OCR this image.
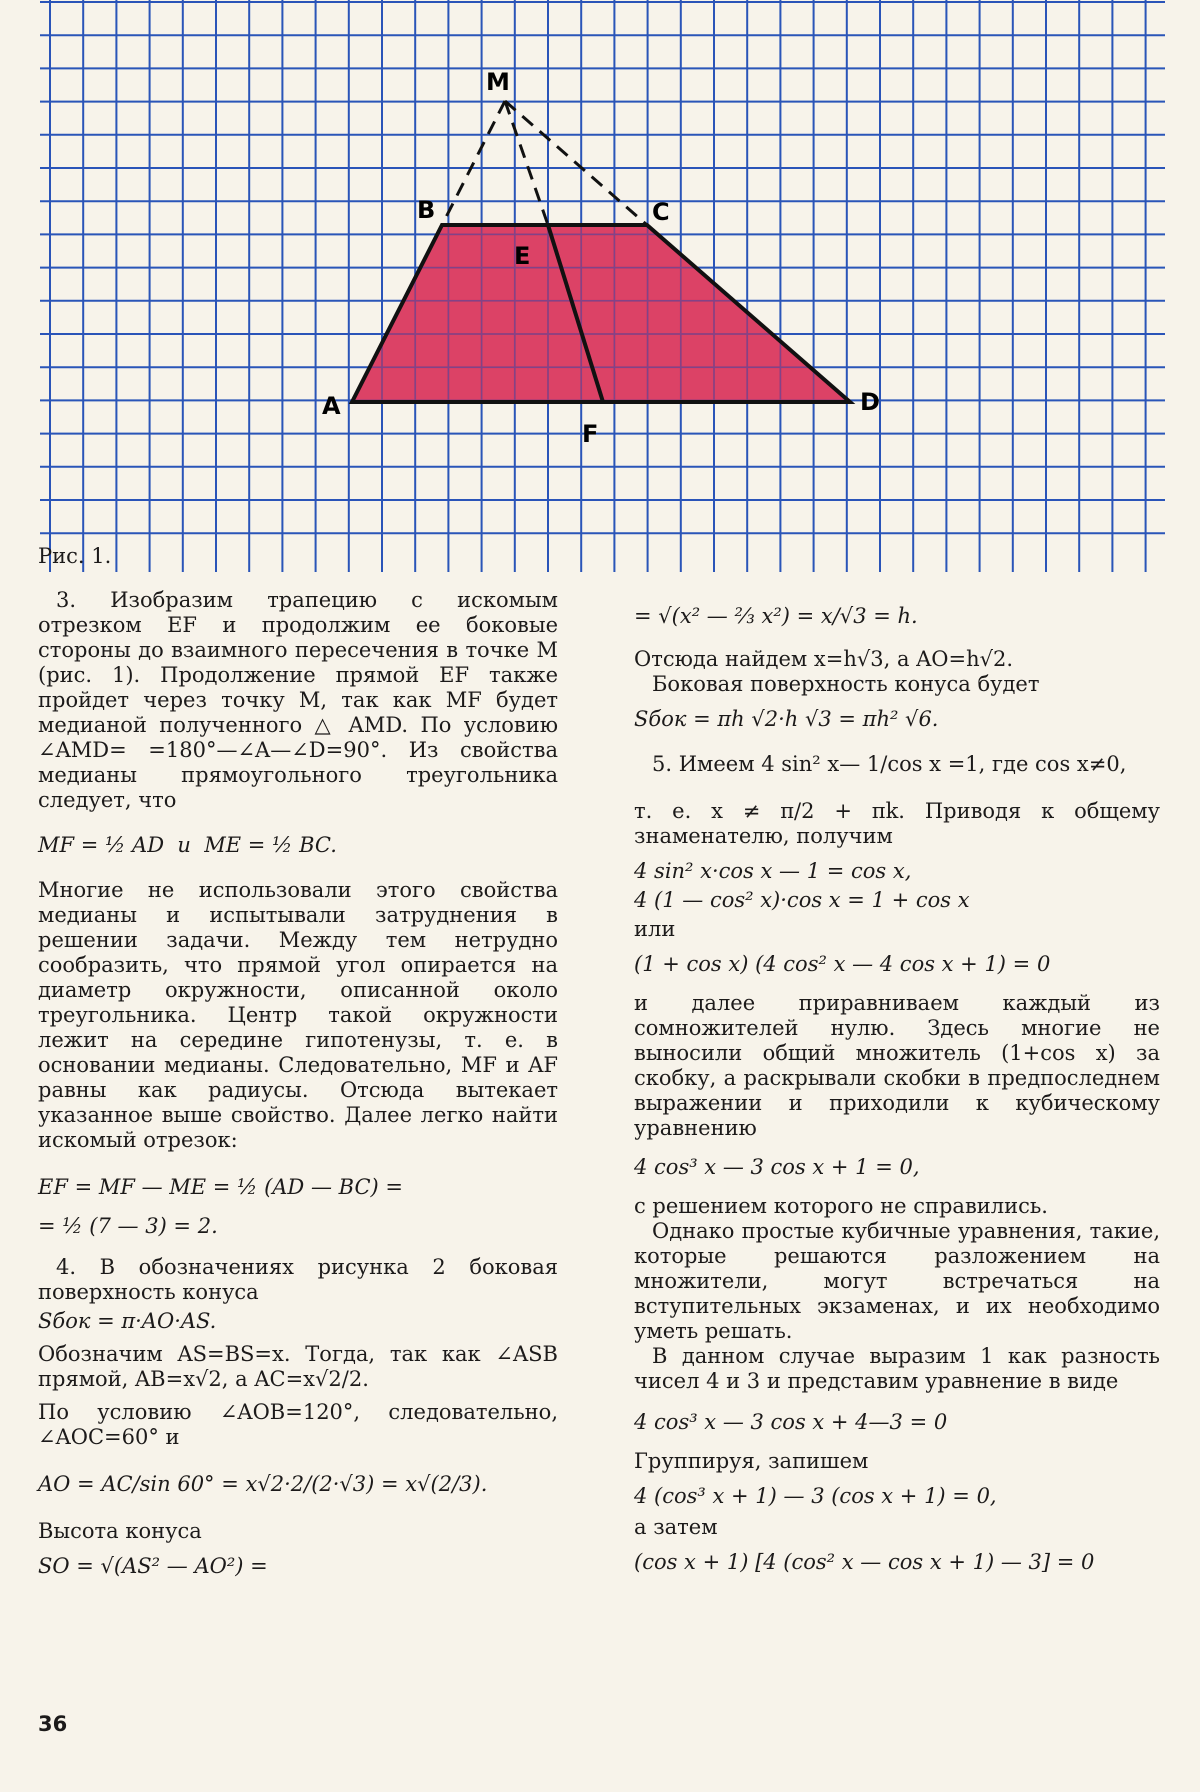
M
B	C
E
A	D
F
Рис. 1.

3. Изобразим трапецию с искомым отрезком EF и продолжим ее боковые стороны до взаимного пересечения в точке M (рис. 1). Продолжение прямой EF также пройдет через точку M, так как MF будет медианой полученного △ AMD. По условию ∠AMD= =180°—∠A—∠D=90°. Из свойства медианы прямоугольного треугольника следует, что

MF = ½ AD  и  ME = ½ BC.

Многие не использовали этого свойства медианы и испытывали затруднения в решении задачи. Между тем нетрудно сообразить, что прямой угол опирается на диаметр окружности, описанной около треугольника. Центр такой окружности лежит на середине гипотенузы, т. е. в основании медианы. Следовательно, MF и AF равны как радиусы. Отсюда вытекает указанное выше свойство. Далее легко найти искомый отрезок:

EF = MF — ME = ½ (AD — BC) =

= ½ (7 — 3) = 2.

4. В обозначениях рисунка 2 боковая поверхность конуса

Sбок = π·AO·AS.

Обозначим AS=BS=x. Тогда, так как ∠ASB прямой, AB=x√2, а AC=x√2/2.

По условию ∠AOB=120°, следовательно, ∠AOC=60° и

AO = AC/sin 60° = x√2·2/(2·√3) = x√(2/3).

Высота конуса

SO = √(AS² — AO²) =

= √(x² — ⅔ x²) = x/√3 = h.

Отсюда найдем x=h√3, а AO=h√2.

Боковая поверхность конуса будет

Sбок = πh √2·h √3 = πh² √6.

5. Имеем 4 sin² x— 1/cos x =1, где cos x≠0,

т. е. x ≠ π/2 + πk. Приводя к общему знаменателю, получим

4 sin² x·cos x — 1 = cos x,

4 (1 — cos² x)·cos x = 1 + cos x

или

(1 + cos x) (4 cos² x — 4 cos x + 1) = 0

и далее приравниваем каждый из сомножителей нулю. Здесь многие не выносили общий множитель (1+cos x) за скобку, а раскрывали скобки в предпоследнем выражении и приходили к кубическому уравнению

4 cos³ x — 3 cos x + 1 = 0,

с решением которого не справились.

Однако простые кубичные уравнения, такие, которые решаются разложением на множители, могут встречаться на вступительных экзаменах, и их необходимо уметь решать.

В данном случае выразим 1 как разность чисел 4 и 3 и представим уравнение в виде

4 cos³ x — 3 cos x + 4—3 = 0

Группируя, запишем

4 (cos³ x + 1) — 3 (cos x + 1) = 0,

а затем

(cos x + 1) [4 (cos² x — cos x + 1) — 3] = 0

36
